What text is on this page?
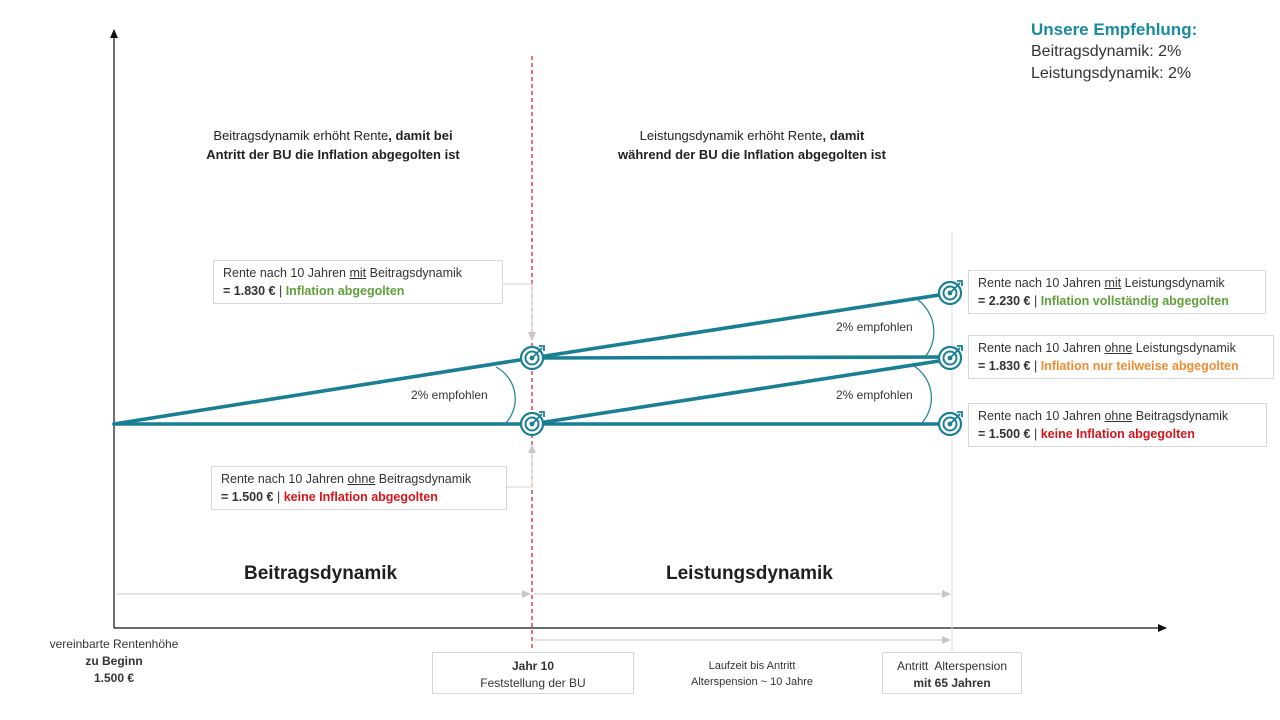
Unsere Empfehlung:
Beitragsdynamik: 2%
Leistungsdynamik: 2%
Beitragsdynamik erhöht Rente, damit bei
Antritt der BU die Inflation abgegolten ist
Leistungsdynamik erhöht Rente, damit
während der BU die Inflation abgegolten ist
Rente nach 10 Jahren mit Beitragsdynamik
= 1.830 € | Inflation abgegolten
Rente nach 10 Jahren ohne Beitragsdynamik
= 1.500 € | keine Inflation abgegolten
Rente nach 10 Jahren mit Leistungsdynamik
= 2.230 € | Inflation vollständig abgegolten
Rente nach 10 Jahren ohne Leistungsdynamik
= 1.830 € | Inflation nur teilweise abgegolten
Rente nach 10 Jahren ohne Beitragsdynamik
= 1.500 € | keine Inflation abgegolten
2% empfohlen
2% empfohlen
2% empfohlen
Beitragsdynamik	Leistungsdynamik
vereinbarte Rentenhöhe
zu Beginn
1.500 €
Jahr 10
Feststellung der BU
Laufzeit bis Antritt
Alterspension ~ 10 Jahre
Antritt  Alterspension
mit 65 Jahren
